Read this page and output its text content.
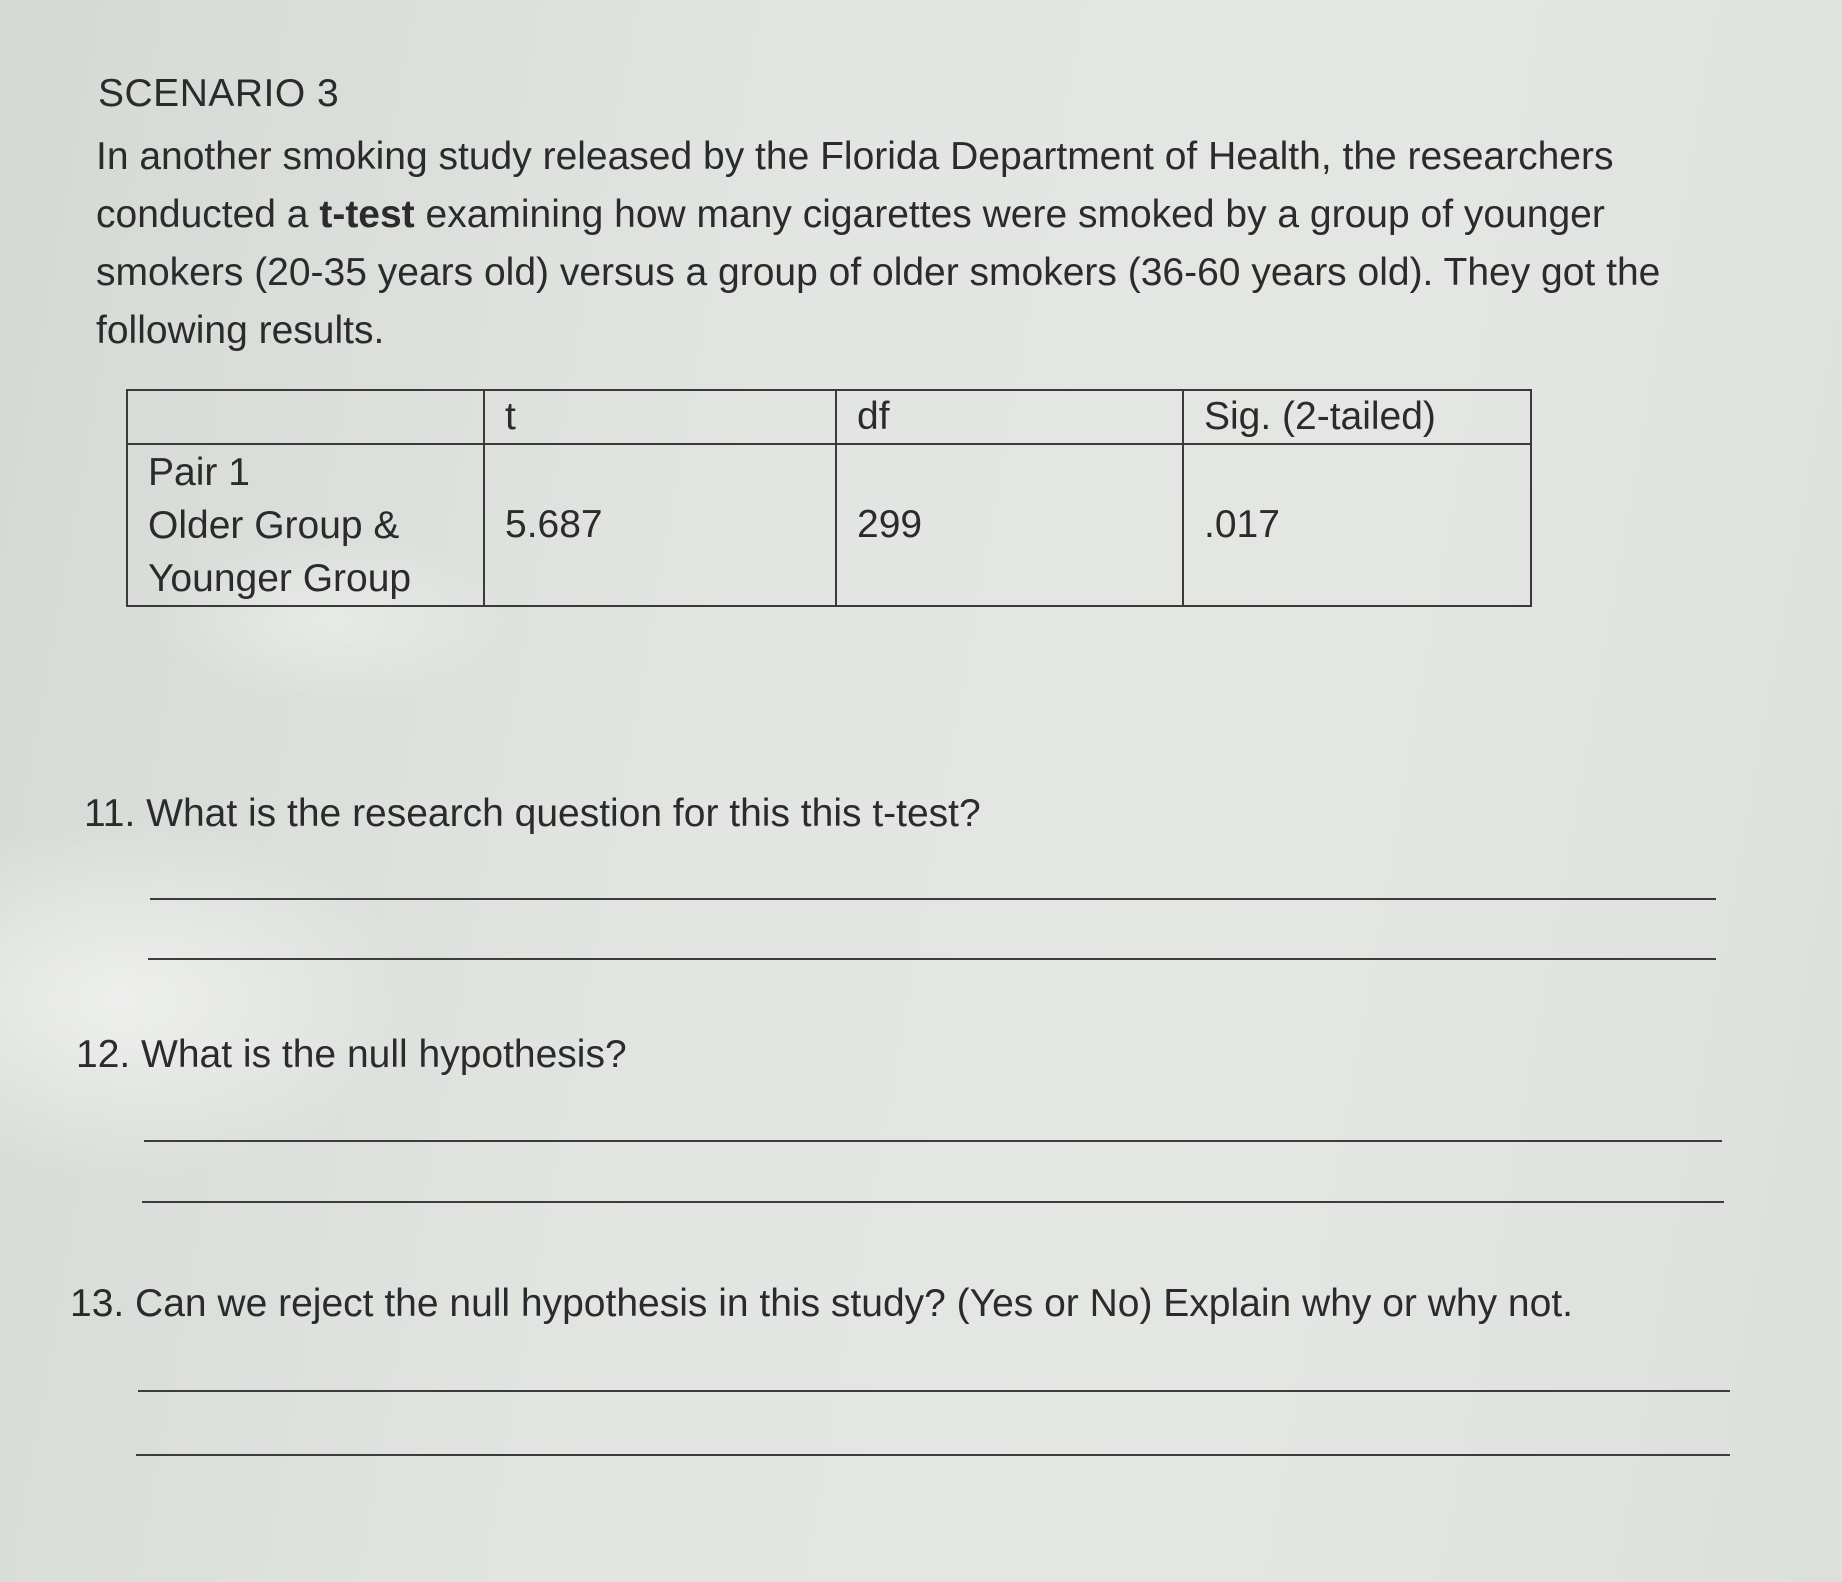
SCENARIO 3

In another smoking study released by the Florida Department of Health, the researchers conducted a t-test examining how many cigarettes were smoked by a group of younger smokers (20-35 years old) versus a group of older smokers (36-60 years old). They got the following results.

	t	df	Sig. (2-tailed)

Pair 1
Older Group &
Younger Group	5.687	299	.017

11. What is the research question for this this t-test?

12. What is the null hypothesis?

13. Can we reject the null hypothesis in this study? (Yes or No) Explain why or why not.
